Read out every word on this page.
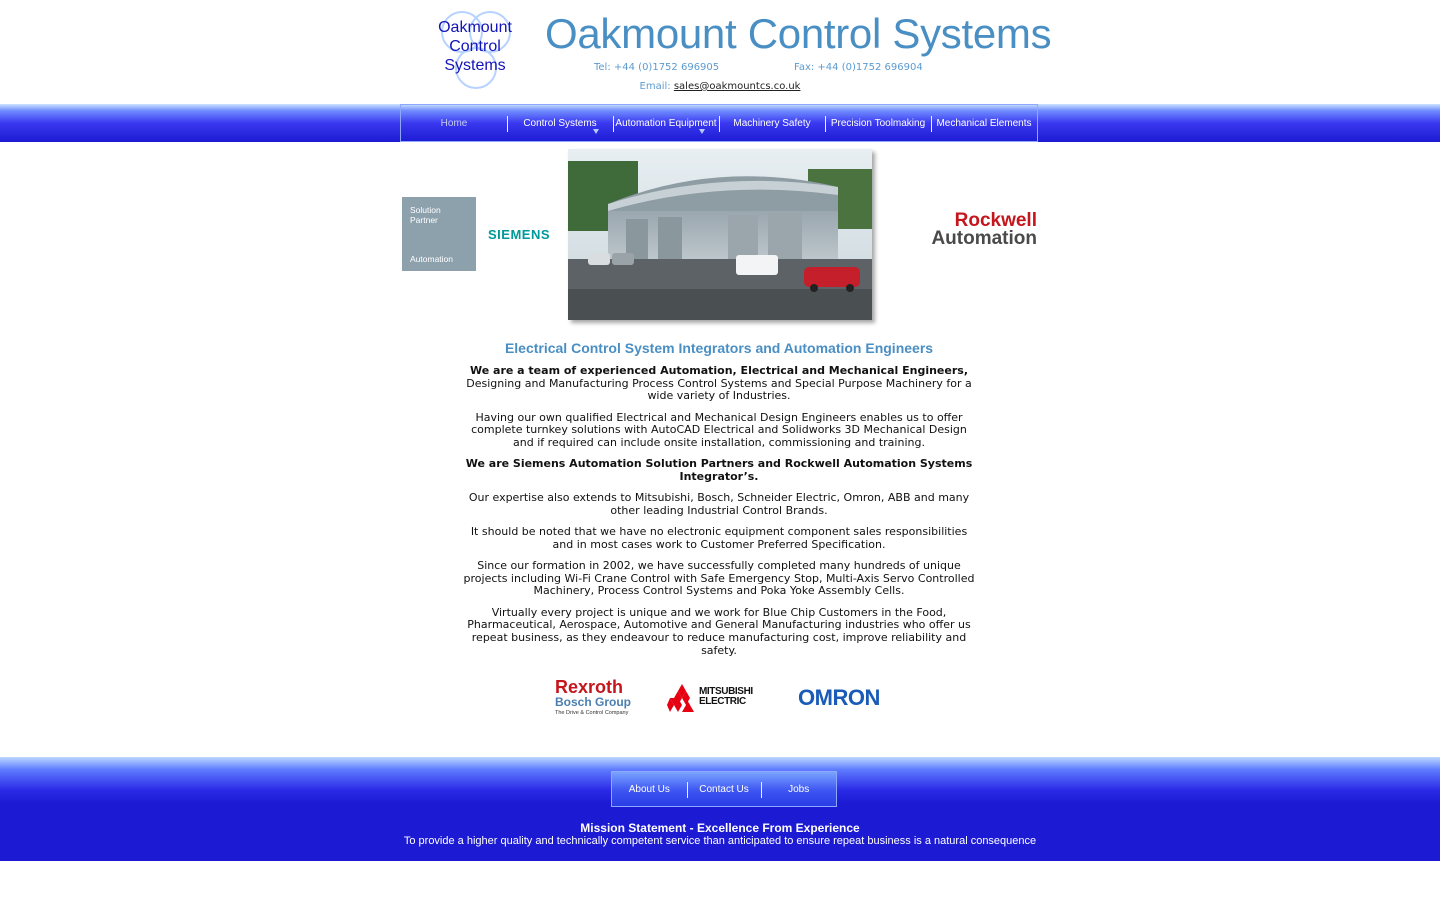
Oakmount
Control
Systems
Oakmount Control Systems
Tel: +44 (0)1752 696905	Fax: +44 (0)1752 696904
Email: sales@oakmountcs.co.uk
Home	Control Systems Automation Equipment Machinery Safety Precision Toolmaking Mechanical Elements
Solution
Partner
Automation
SIEMENS
Rockwell
Automation
Electrical Control System Integrators and Automation Engineers

We are a team of experienced Automation, Electrical and Mechanical Engineers,
Designing and Manufacturing Process Control Systems and Special Purpose Machinery for a wide variety of Industries.

Having our own qualified Electrical and Mechanical Design Engineers enables us to offer complete turnkey solutions with AutoCAD Electrical and Solidworks 3D Mechanical Design and if required can include onsite installation, commissioning and training.

We are Siemens Automation Solution Partners and Rockwell Automation Systems Integrator’s.

Our expertise also extends to Mitsubishi, Bosch, Schneider Electric, Omron, ABB and many other leading Industrial Control Brands.

It should be noted that we have no electronic equipment component sales responsibilities and in most cases work to Customer Preferred Specification.

Since our formation in 2002, we have successfully completed many hundreds of unique projects including Wi-Fi Crane Control with Safe Emergency Stop, Multi-Axis Servo Controlled Machinery, Process Control Systems and Poka Yoke Assembly Cells.

Virtually every project is unique and we work for Blue Chip Customers in the Food, Pharmaceutical, Aerospace, Automotive and General Manufacturing industries who offer us repeat business, as they endeavour to reduce manufacturing cost, improve reliability and safety.

Rexroth
Bosch Group
The Drive & Control Company
MITSUBISHI
ELECTRIC	OMRON
About Us	Contact Us	Jobs
Mission Statement - Excellence From Experience
To provide a higher quality and technically competent service than anticipated to ensure repeat business is a natural consequence
